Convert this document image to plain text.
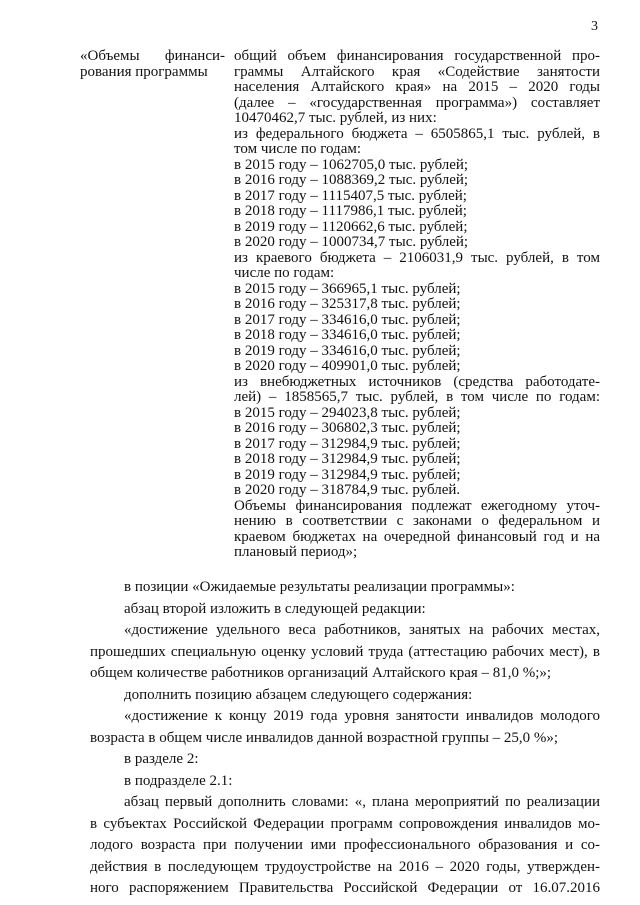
3
«Объемы финанси-
рования программы
общий объем финансирования государственной про-
граммы Алтайского края «Содействие занятости
населения Алтайского края» на 2015 – 2020 годы
(далее – «государственная программа») составляет
10470462,7 тыс. рублей, из них:
из федерального бюджета – 6505865,1 тыс. рублей, в
том числе по годам:
в 2015 году – 1062705,0 тыс. рублей;
в 2016 году – 1088369,2 тыс. рублей;
в 2017 году – 1115407,5 тыс. рублей;
в 2018 году – 1117986,1 тыс. рублей;
в 2019 году – 1120662,6 тыс. рублей;
в 2020 году – 1000734,7 тыс. рублей;
из краевого бюджета – 2106031,9 тыс. рублей, в том
числе по годам:
в 2015 году – 366965,1 тыс. рублей;
в 2016 году – 325317,8 тыс. рублей;
в 2017 году – 334616,0 тыс. рублей;
в 2018 году – 334616,0 тыс. рублей;
в 2019 году – 334616,0 тыс. рублей;
в 2020 году – 409901,0 тыс. рублей;
из внебюджетных источников (средства работодате-
лей) – 1858565,7 тыс. рублей, в том числе по годам:
в 2015 году – 294023,8 тыс. рублей;
в 2016 году – 306802,3 тыс. рублей;
в 2017 году – 312984,9 тыс. рублей;
в 2018 году – 312984,9 тыс. рублей;
в 2019 году – 312984,9 тыс. рублей;
в 2020 году – 318784,9 тыс. рублей.
Объемы финансирования подлежат ежегодному уточ-
нению в соответствии с законами о федеральном и
краевом бюджетах на очередной финансовый год и на
плановый период»;
в позиции «Ожидаемые результаты реализации программы»:
абзац второй изложить в следующей редакции:
«достижение удельного веса работников, занятых на рабочих местах,
прошедших специальную оценку условий труда (аттестацию рабочих мест), в
общем количестве работников организаций Алтайского края – 81,0 %;»;
дополнить позицию абзацем следующего содержания:
«достижение к концу 2019 года уровня занятости инвалидов молодого
возраста в общем числе инвалидов данной возрастной группы – 25,0 %»;
в разделе 2:
в подразделе 2.1:
абзац первый дополнить словами: «, плана мероприятий по реализации
в субъектах Российской Федерации программ сопровождения инвалидов мо-
лодого возраста при получении ими профессионального образования и со-
действия в последующем трудоустройстве на 2016 – 2020 годы, утвержден-
ного распоряжением Правительства Российской Федерации от 16.07.2016
